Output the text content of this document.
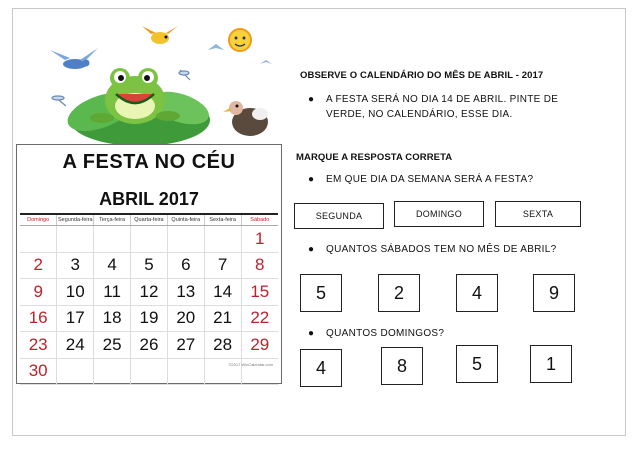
A FESTA NO CÉU
ABRIL 2017
Domingo	Segunda-feira	Terça-feira	Quarta-feira	Quinta-feira	Sexta-feira	Sábado
						1
2	3	4	5	6	7	8
9	10	11	12	13	14	15
16	17	18	19	20	21	22
23	24	25	26	27	28	29
30							©2017 WinCalendar.com
OBSERVE O CALENDÁRIO DO MÊS DE ABRIL - 2017
● A FESTA SERÁ NO DIA 14 DE ABRIL. PINTE DE
VERDE, NO CALENDÁRIO, ESSE DIA.
MARQUE A RESPOSTA CORRETA
● EM QUE DIA DA SEMANA SERÁ A FESTA?
SEGUNDA	DOMINGO	SEXTA
● QUANTOS SÁBADOS TEM NO MÊS DE ABRIL?
5	2	4	9
● QUANTOS DOMINGOS?
4	8	5	1
